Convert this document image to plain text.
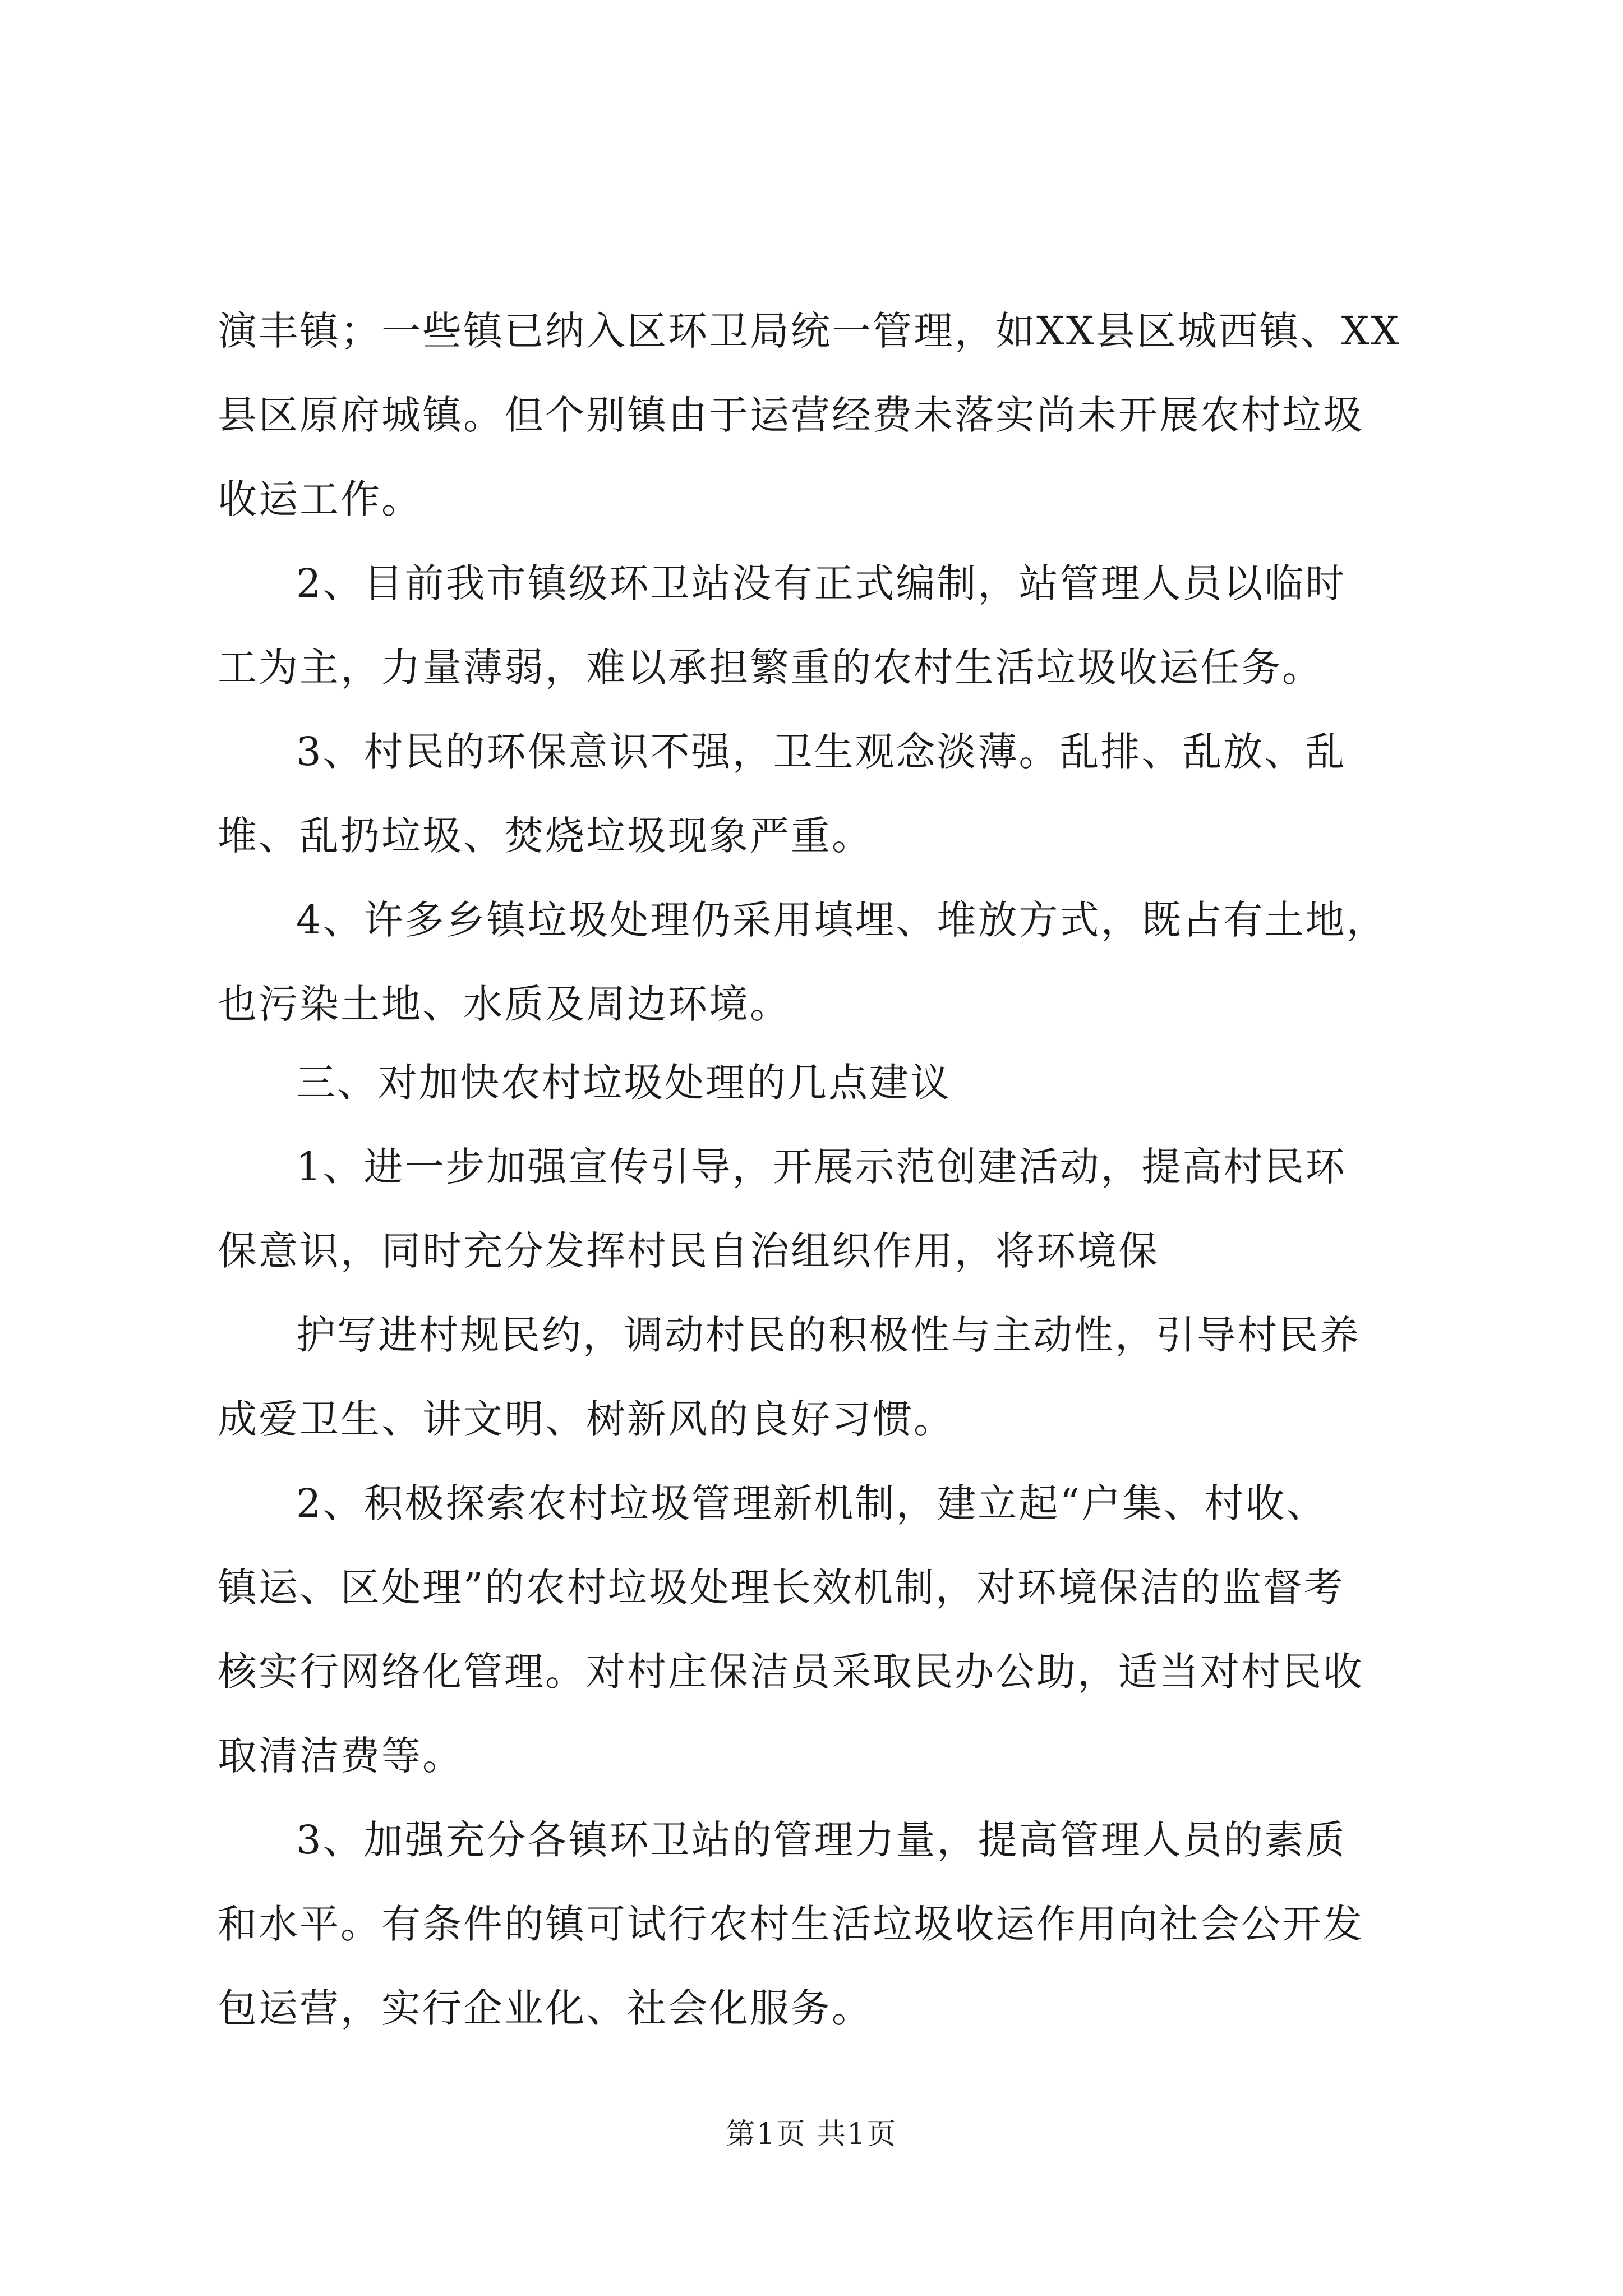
演丰镇；一些镇已纳入区环卫局统一管理，如XX县区城西镇、XX
县区原府城镇。但个别镇由于运营经费未落实尚未开展农村垃圾
收运工作。
2、目前我市镇级环卫站没有正式编制，站管理人员以临时
工为主，力量薄弱，难以承担繁重的农村生活垃圾收运任务。
3、村民的环保意识不强，卫生观念淡薄。乱排、乱放、乱
堆、乱扔垃圾、焚烧垃圾现象严重。
4、许多乡镇垃圾处理仍采用填埋、堆放方式，既占有土地，
也污染土地、水质及周边环境。
三、对加快农村垃圾处理的几点建议
1、进一步加强宣传引导，开展示范创建活动，提高村民环
保意识，同时充分发挥村民自治组织作用，将环境保
护写进村规民约，调动村民的积极性与主动性，引导村民养
成爱卫生、讲文明、树新风的良好习惯。
2、积极探索农村垃圾管理新机制，建立起“户集、村收、
镇运、区处理”的农村垃圾处理长效机制，对环境保洁的监督考
核实行网络化管理。对村庄保洁员采取民办公助，适当对村民收
取清洁费等。
3、加强充分各镇环卫站的管理力量，提高管理人员的素质
和水平。有条件的镇可试行农村生活垃圾收运作用向社会公开发
包运营，实行企业化、社会化服务。
第1页 共1页
